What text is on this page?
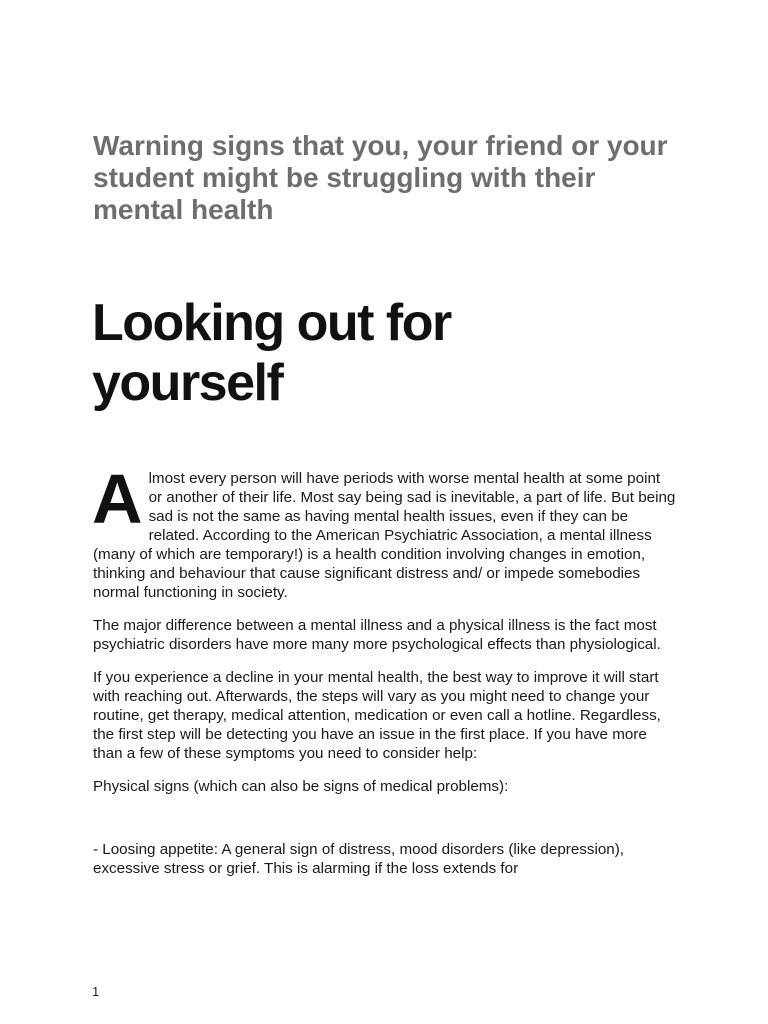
Warning signs that you, your friend or your student might be struggling with their mental health
Looking out for yourself

Almost every person will have periods with worse mental health at some point or another of their life. Most say being sad is inevitable, a part of life. But being sad is not the same as having mental health issues, even if they can be related. According to the American Psychiatric Association, a mental illness (many of which are temporary!) is a health condition involving changes in emotion, thinking and behaviour that cause significant distress and/ or impede somebodies normal functioning in society.

The major difference between a mental illness and a physical illness is the fact most psychiatric disorders have more many more psychological effects than physiological.

If you experience a decline in your mental health, the best way to improve it will start with reaching out. Afterwards, the steps will vary as you might need to change your routine, get therapy, medical attention, medication or even call a hotline. Regardless, the first step will be detecting you have an issue in the first place. If you have more than a few of these symptoms you need to consider help:

Physical signs (which can also be signs of medical problems):

- Loosing appetite: A general sign of distress, mood disorders (like depression), excessive stress or grief. This is alarming if the loss extends for

1
